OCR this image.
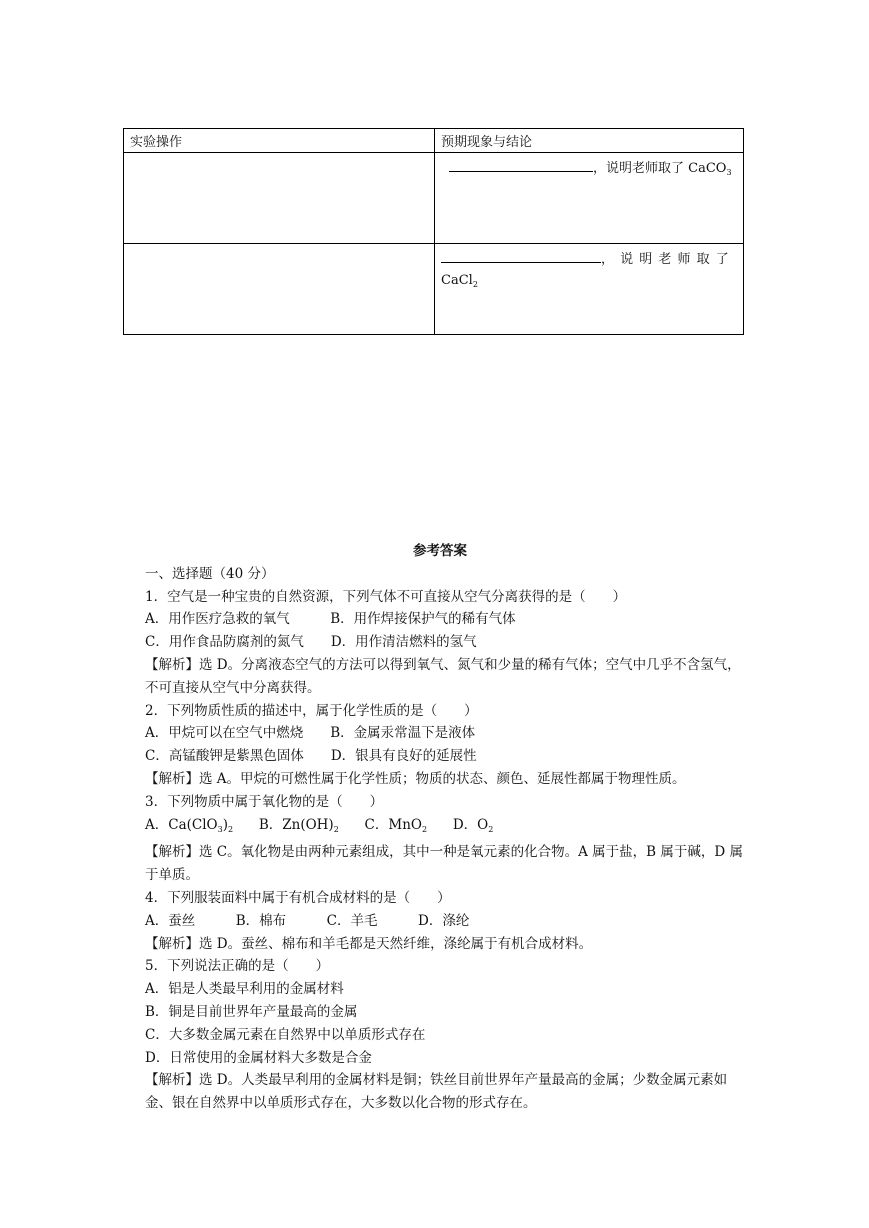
实验操作	预期现象与结论

	，说明老师取了 CaCO$_3$

	， 说 明 老 师 取 了
CaCl$_2$
参考答案

一、选择题（40 分）

1．空气是一种宝贵的自然资源，下列气体不可直接从空气分离获得的是（　　）

A．用作医疗急救的氧气　　　B．用作焊接保护气的稀有气体

C．用作食品防腐剂的氮气　　D．用作清洁燃料的氢气

【解析】选 D。分离液态空气的方法可以得到氧气、氮气和少量的稀有气体；空气中几乎不含氢气，不可直接从空气中分离获得。

2．下列物质性质的描述中，属于化学性质的是（　　）

A．甲烷可以在空气中燃烧　　B．金属汞常温下是液体

C．高锰酸钾是紫黑色固体　　D．银具有良好的延展性

【解析】选 A。甲烷的可燃性属于化学性质；物质的状态、颜色、延展性都属于物理性质。

3．下列物质中属于氧化物的是（　　）

A．$Ca(ClO_3)_2$ B．$Zn(OH)_2$ C．MnO$_2$ D．$O_2$

【解析】选 C。氧化物是由两种元素组成，其中一种是氧元素的化合物。A 属于盐，B 属于碱，D 属于单质。

4．下列服装面料中属于有机合成材料的是（　　）

A．蚕丝　　　B．棉布　　　C．羊毛　　　D．涤纶

【解析】选 D。蚕丝、棉布和羊毛都是天然纤维，涤纶属于有机合成材料。

5．下列说法正确的是（　　）

A．铝是人类最早利用的金属材料

B．铜是目前世界年产量最高的金属

C．大多数金属元素在自然界中以单质形式存在

D．日常使用的金属材料大多数是合金

【解析】选 D。人类最早利用的金属材料是铜；铁丝目前世界年产量最高的金属；少数金属元素如金、银在自然界中以单质形式存在，大多数以化合物的形式存在。
